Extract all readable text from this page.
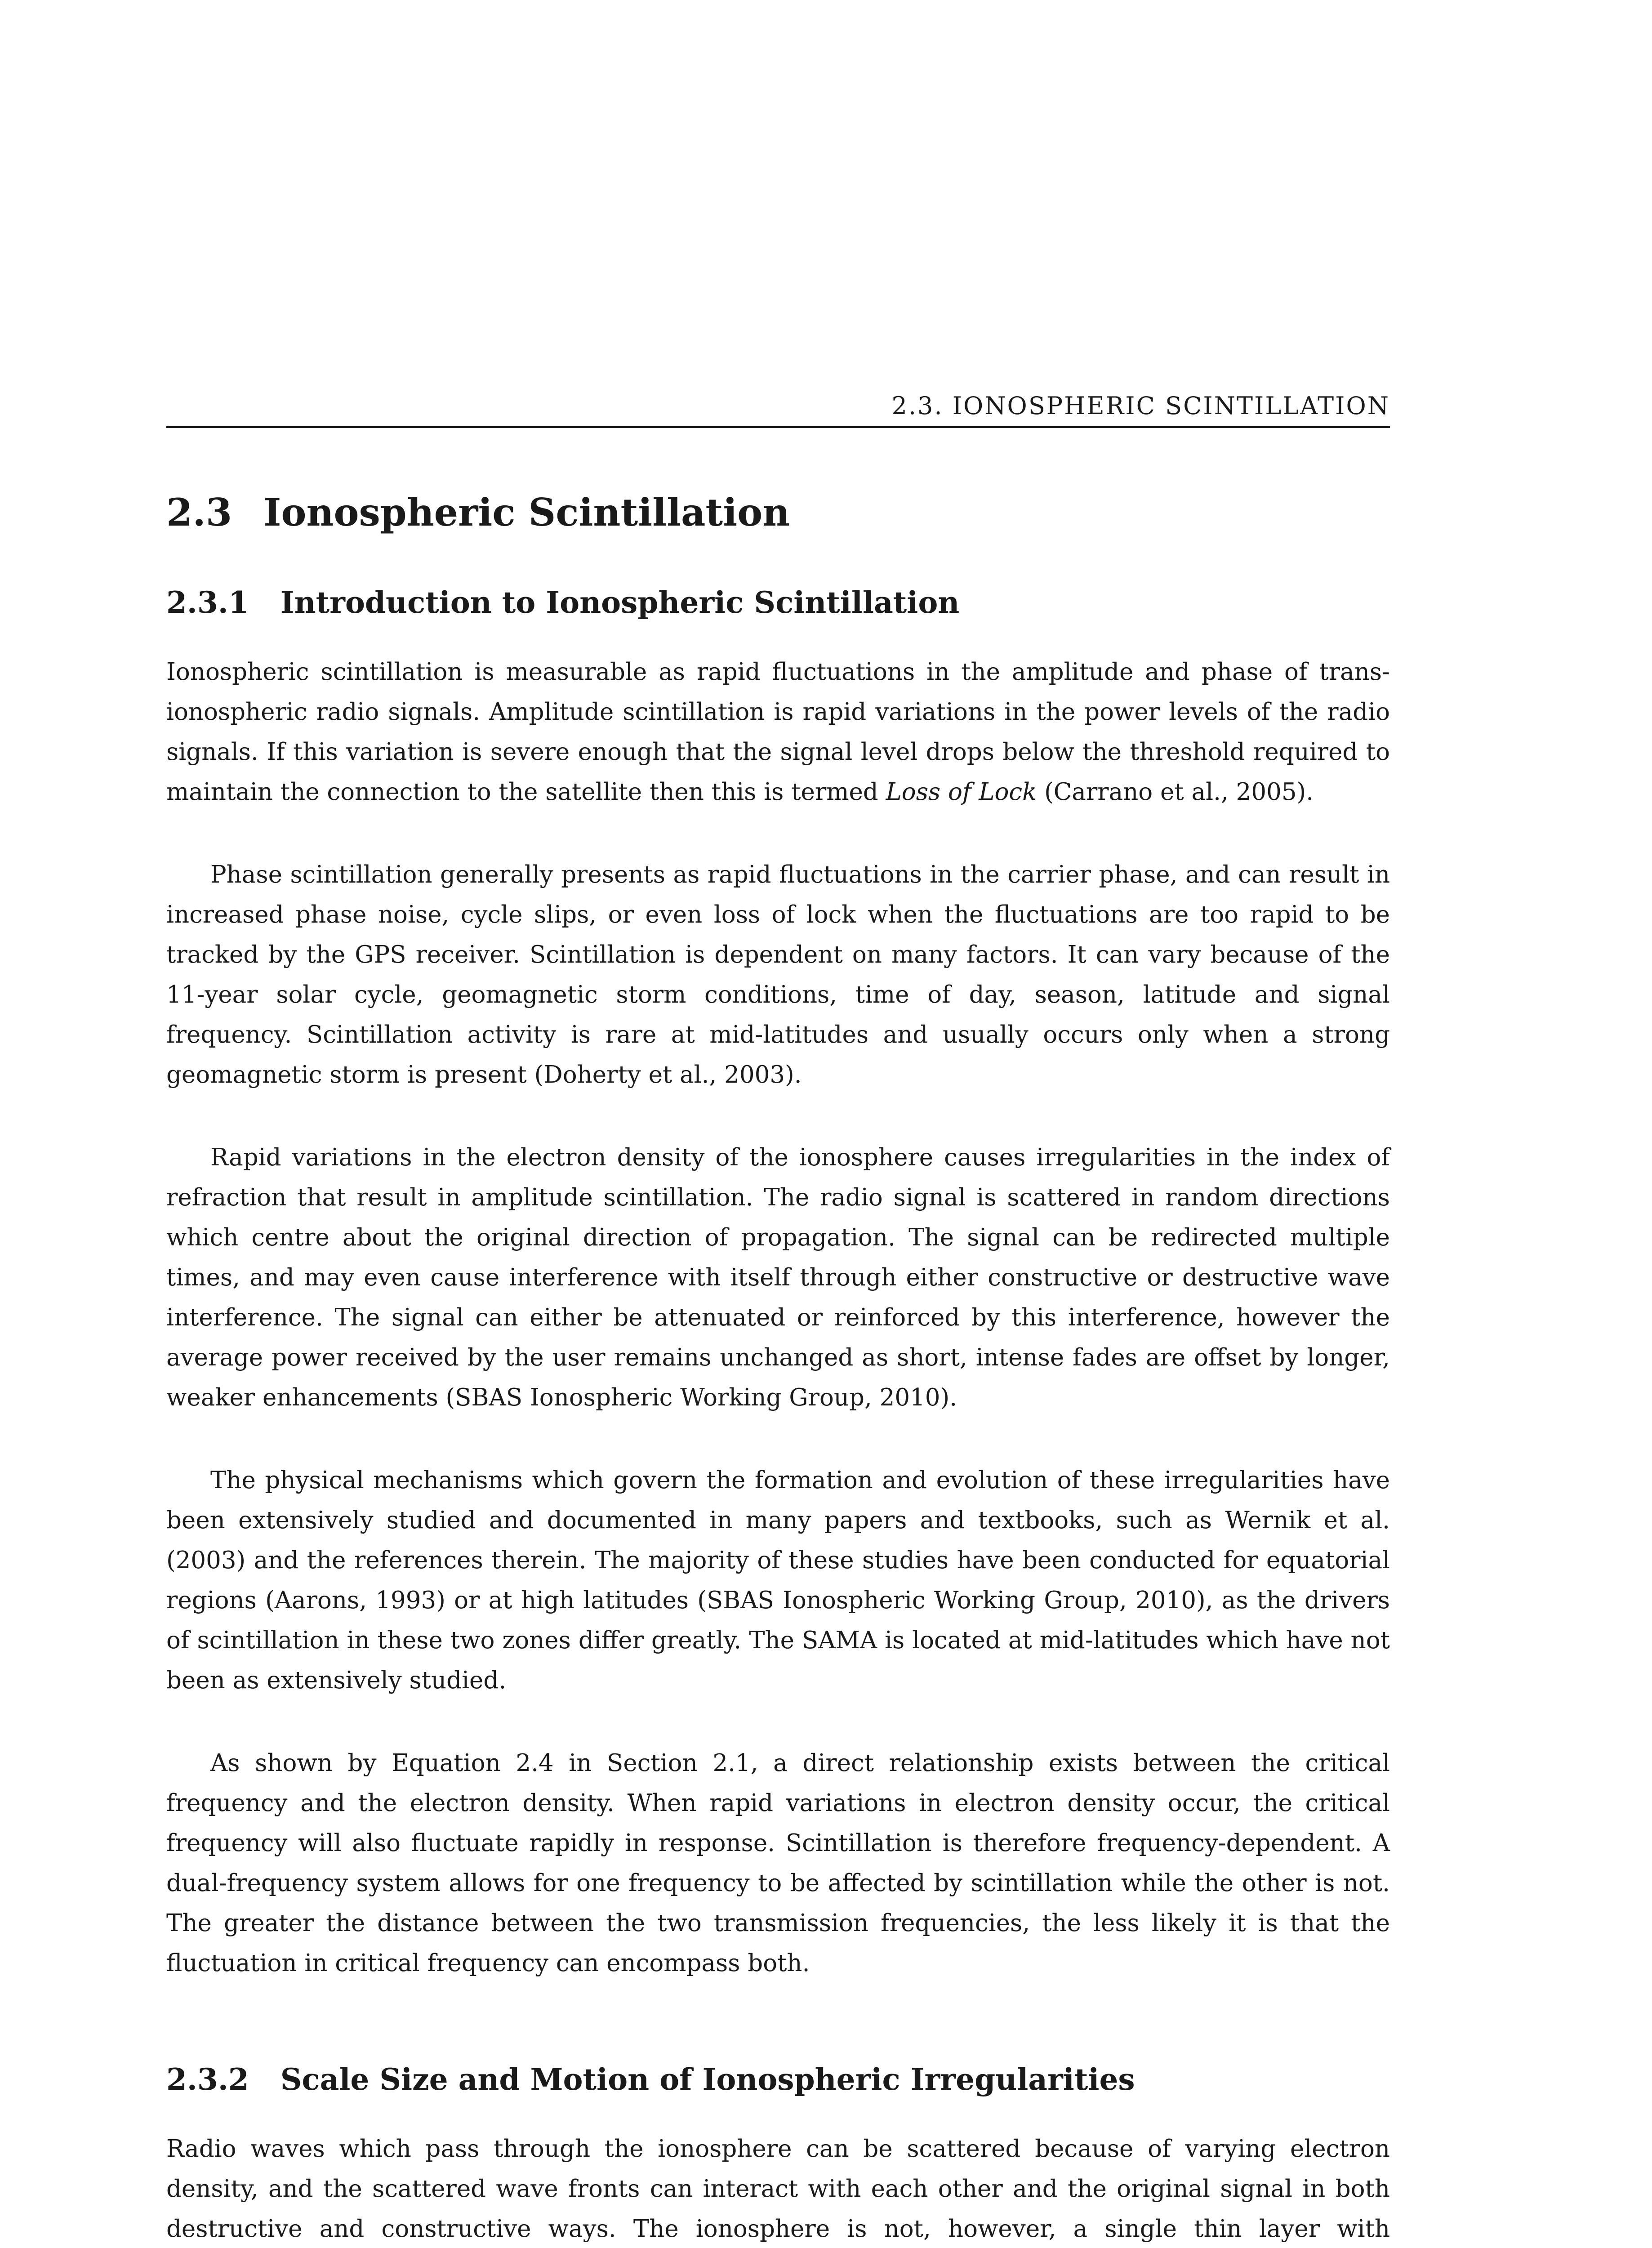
2.3. IONOSPHERIC SCINTILLATION
2.3 Ionospheric Scintillation
2.3.1 Introduction to Ionospheric Scintillation

Ionospheric scintillation is measurable as rapid fluctuations in the amplitude and phase of transionospheric radio signals. Amplitude scintillation is rapid variations in the power levels of the radio signals. If this variation is severe enough that the signal level drops below the threshold required to maintain the connection to the satellite then this is termed Loss of Lock (Carrano et al., 2005).

Phase scintillation generally presents as rapid fluctuations in the carrier phase, and can result in increased phase noise, cycle slips, or even loss of lock when the fluctuations are too rapid to be tracked by the GPS receiver. Scintillation is dependent on many factors. It can vary because of the 11-year solar cycle, geomagnetic storm conditions, time of day, season, latitude and signal frequency. Scintillation activity is rare at mid-latitudes and usually occurs only when a strong geomagnetic storm is present (Doherty et al., 2003).

Rapid variations in the electron density of the ionosphere causes irregularities in the index of refraction that result in amplitude scintillation. The radio signal is scattered in random directions which centre about the original direction of propagation. The signal can be redirected multiple times, and may even cause interference with itself through either constructive or destructive wave interference. The signal can either be attenuated or reinforced by this interference, however the average power received by the user remains unchanged as short, intense fades are offset by longer, weaker enhancements (SBAS Ionospheric Working Group, 2010).

The physical mechanisms which govern the formation and evolution of these irregularities have been extensively studied and documented in many papers and textbooks, such as Wernik et al. (2003) and the references therein. The majority of these studies have been conducted for equatorial regions (Aarons, 1993) or at high latitudes (SBAS Ionospheric Working Group, 2010), as the drivers of scintillation in these two zones differ greatly. The SAMA is located at mid-latitudes which have not been as extensively studied.

As shown by Equation 2.4 in Section 2.1, a direct relationship exists between the critical frequency and the electron density. When rapid variations in electron density occur, the critical frequency will also fluctuate rapidly in response. Scintillation is therefore frequency-dependent. A dual-frequency system allows for one frequency to be affected by scintillation while the other is not. The greater the distance between the two transmission frequencies, the less likely it is that the fluctuation in critical frequency can encompass both.

2.3.2 Scale Size and Motion of Ionospheric Irregularities

Radio waves which pass through the ionosphere can be scattered because of varying electron density, and the scattered wave fronts can interact with each other and the original signal in both destructive and constructive ways. The ionosphere is not, however, a single thin layer with
